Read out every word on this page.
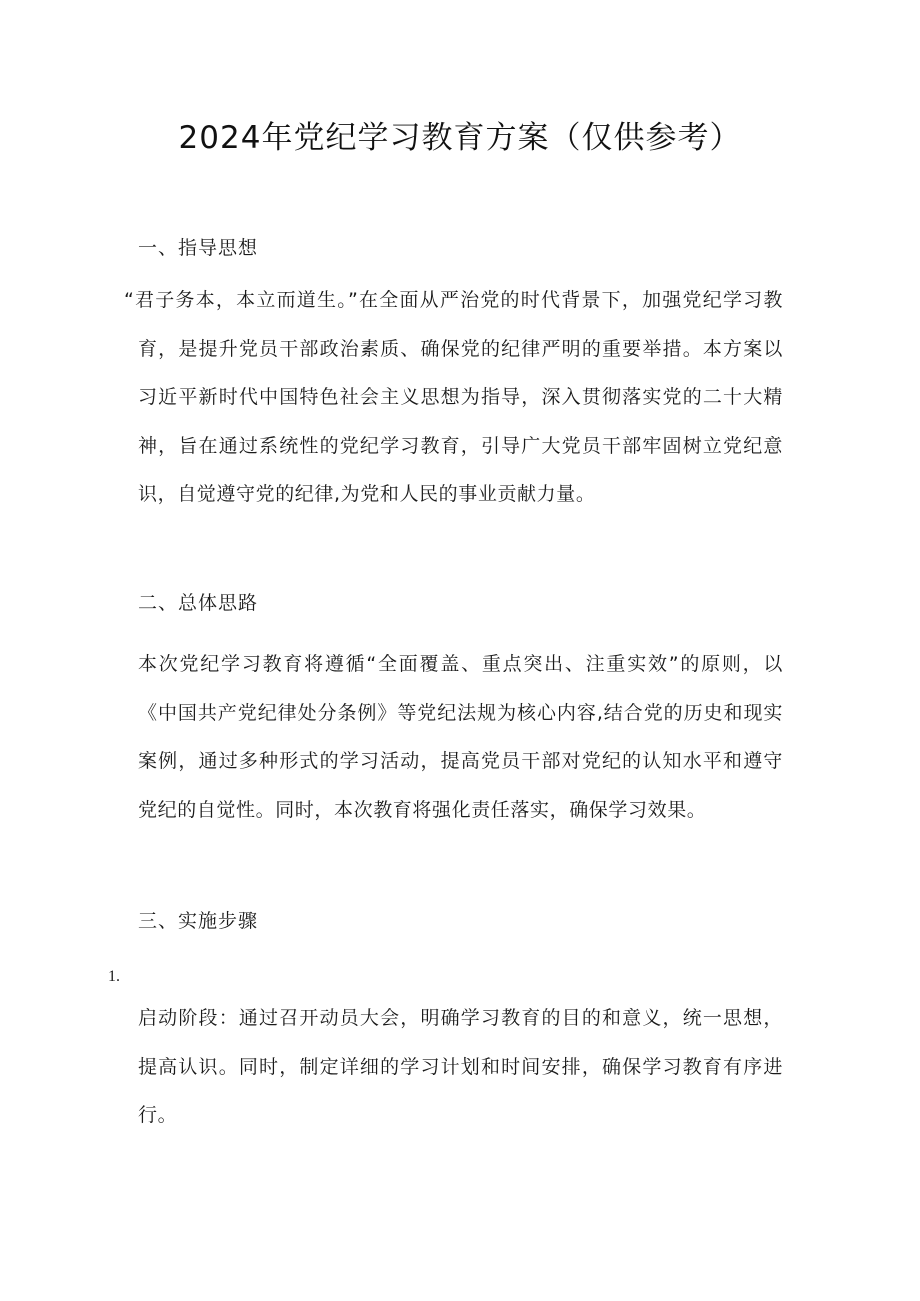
2024年党纪学习教育方案（仅供参考）
一、指导思想

“君子务本，本立而道生。”在全面从严治党的时代背景下，加强党纪学习教育，是提升党员干部政治素质、确保党的纪律严明的重要举措。本方案以习近平新时代中国特色社会主义思想为指导，深入贯彻落实党的二十大精神，旨在通过系统性的党纪学习教育，引导广大党员干部牢固树立党纪意识，自觉遵守党的纪律,为党和人民的事业贡献力量。

二、总体思路

本次党纪学习教育将遵循“全面覆盖、重点突出、注重实效”的原则，以《中国共产党纪律处分条例》等党纪法规为核心内容,结合党的历史和现实案例，通过多种形式的学习活动，提高党员干部对党纪的认知水平和遵守党纪的自觉性。同时，本次教育将强化责任落实，确保学习效果。

三、实施步骤

1.

启动阶段：通过召开动员大会，明确学习教育的目的和意义，统一思想，提高认识。同时，制定详细的学习计划和时间安排，确保学习教育有序进行。
